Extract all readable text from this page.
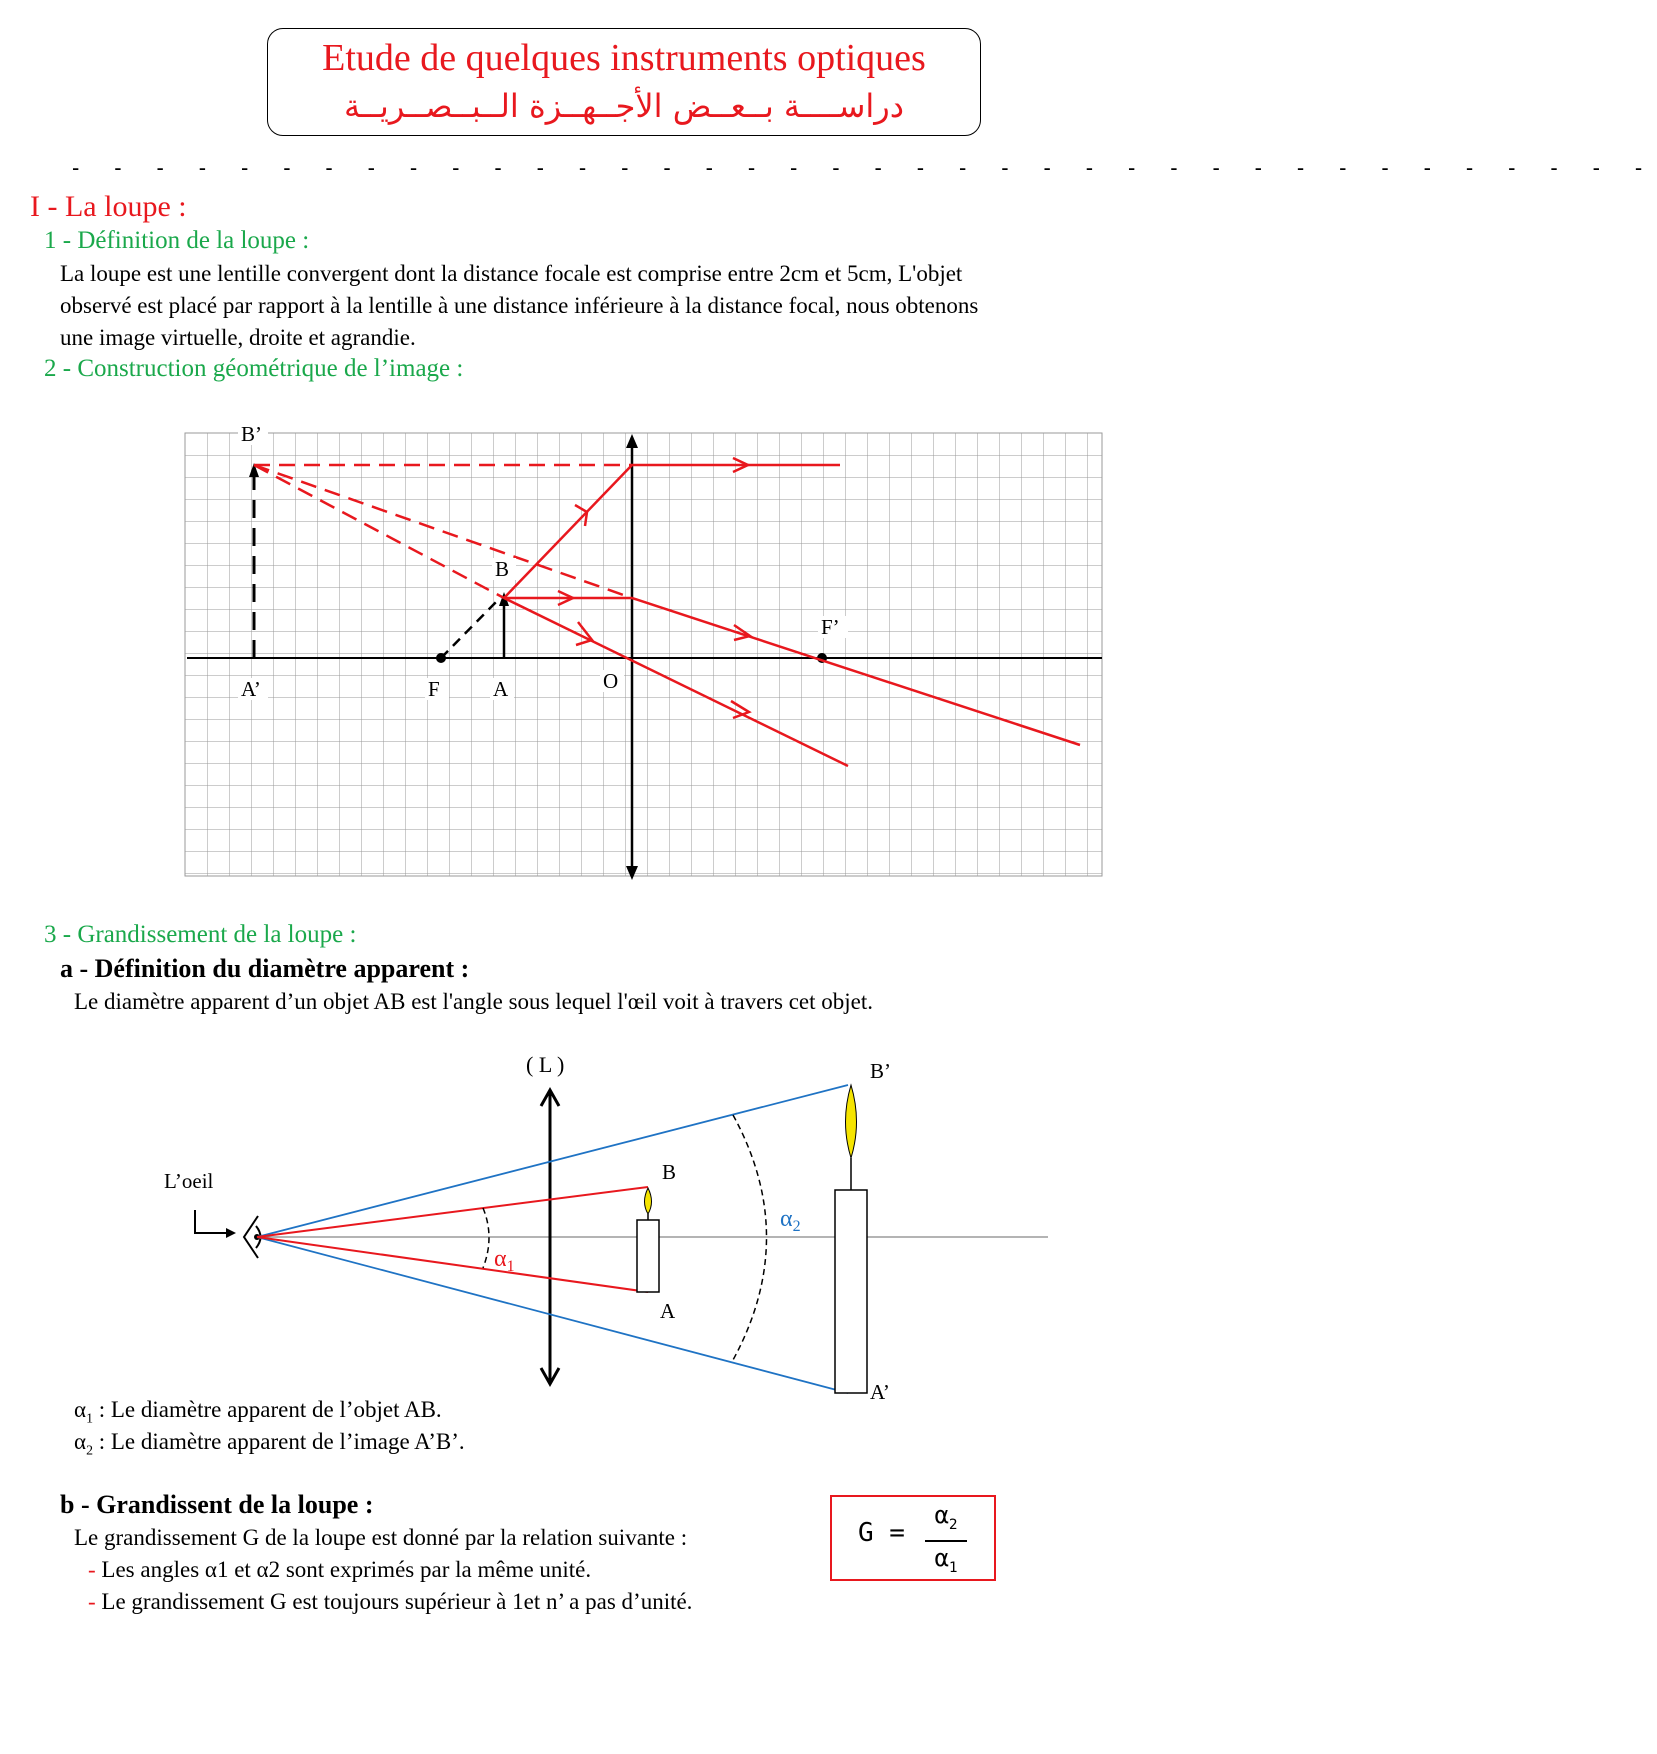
Etude de quelques instruments optiques
دراســــة بــعــض الأجــهــزة الــبــصــريــة
- - - - - - - - - - - - - - - - - - - - - - - - - - - - - - - - - - - - - -
I - La loupe :
1 - Définition de la loupe :
La loupe est une lentille convergent dont la distance focale est comprise entre 2cm et 5cm, L'objet
observé est placé par rapport à la lentille à une distance inférieure à la distance focal, nous obtenons
une image virtuelle, droite et agrandie.
2 - Construction géométrique de l’image :
B’
A’
B
F	A	O
F’
3 - Grandissement de la loupe :
a - Définition du diamètre apparent :
Le diamètre apparent d’un objet AB est l'angle sous lequel l'œil voit à travers cet objet.
( L )
L’oeil
$\alpha_1$
$\alpha_2$
B
A
B’
A’
$\alpha_1$ : Le diamètre apparent de l’objet AB.
$\alpha_2$ : Le diamètre apparent de l’image A’B’.
b - Grandissent de la loupe :
Le grandissement G de la loupe est donné par la relation suivante :
- Les angles α1 et α2 sont exprimés par la même unité.
- Le grandissement G est toujours supérieur à 1et n’ a pas d’unité.
$G = \frac{\alpha_2}{\alpha_1}$
